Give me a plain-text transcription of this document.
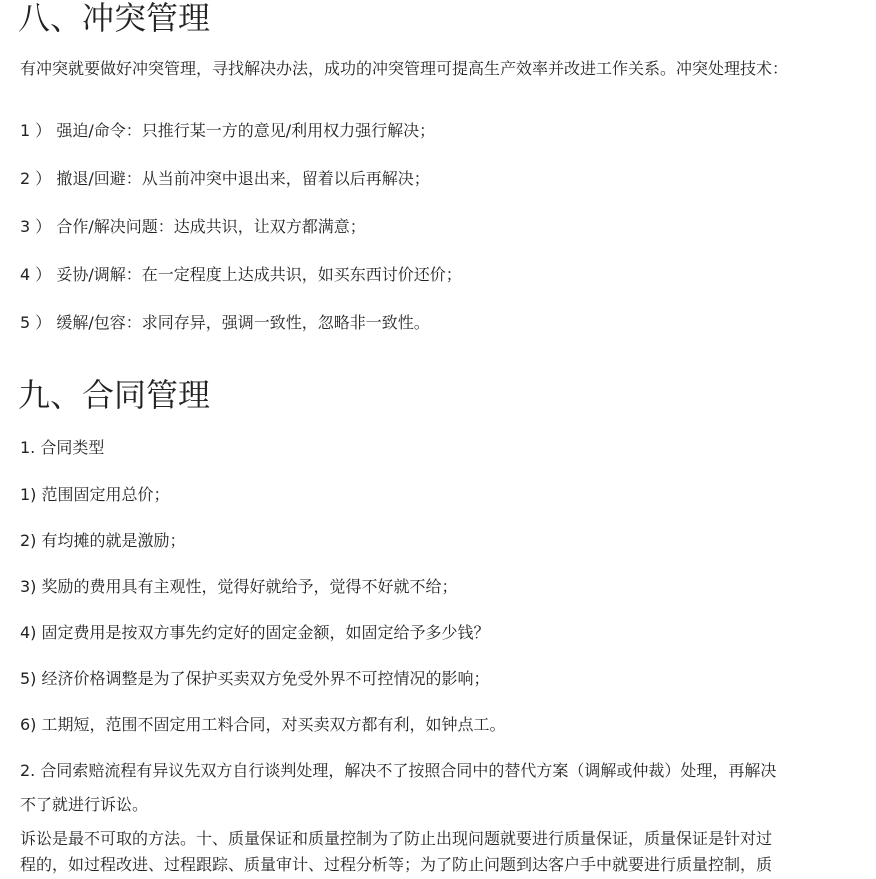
八、冲突管理

有冲突就要做好冲突管理，寻找解决办法，成功的冲突管理可提高生产效率并改进工作关系。冲突处理技术：

1 ） 强迫/命令：只推行某一方的意见/利用权力强行解决；

2 ） 撤退/回避：从当前冲突中退出来，留着以后再解决；

3 ） 合作/解决问题：达成共识，让双方都满意；

4 ） 妥协/调解：在一定程度上达成共识，如买东西讨价还价；

5 ） 缓解/包容：求同存异，强调一致性，忽略非一致性。

九、合同管理

1. 合同类型

1) 范围固定用总价；

2) 有均摊的就是激励；

3) 奖励的费用具有主观性，觉得好就给予，觉得不好就不给；

4) 固定费用是按双方事先约定好的固定金额，如固定给予多少钱？

5) 经济价格调整是为了保护买卖双方免受外界不可控情况的影响；

6) 工期短，范围不固定用工料合同，对买卖双方都有利，如钟点工。

2. 合同索赔流程有异议先双方自行谈判处理，解决不了按照合同中的替代方案（调解或仲裁）处理，再解决

不了就进行诉讼。

诉讼是最不可取的方法。十、质量保证和质量控制为了防止出现问题就要进行质量保证，质量保证是针对过

程的，如过程改进、过程跟踪、质量审计、过程分析等；为了防止问题到达客户手中就要进行质量控制，质
